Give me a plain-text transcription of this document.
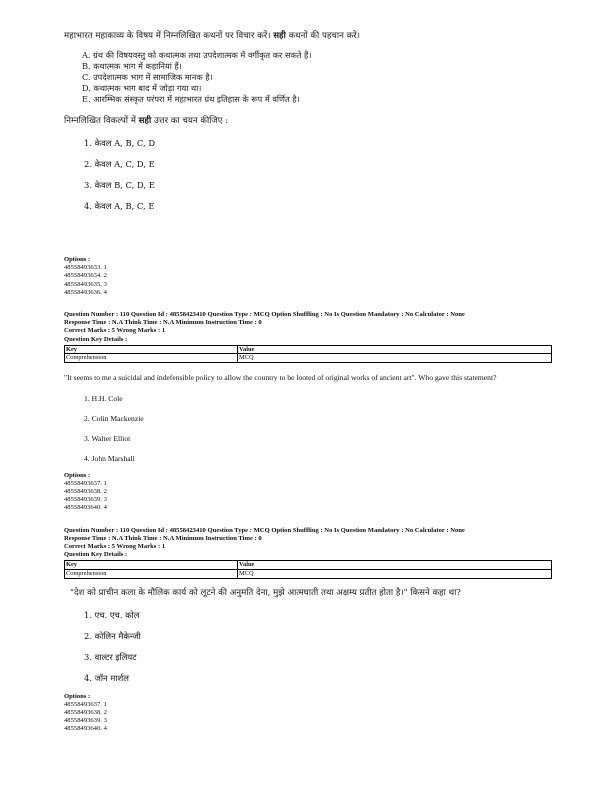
महाभारत महाकाव्य के विषय में निम्नलिखित कथनों पर विचार करें। सही कथनों की पहचान करें।

A. ग्रंथ की विषयवस्तु को कथात्मक तथा उपदेशात्मक में वर्गीकृत कर सकते हैं।
B. कथात्मक भाग में कहानियां हैं।
C. उपदेशात्मक भाग में सामाजिक मानक है।
D. कथात्मक भाग बाद में जोड़ा गया था।
E. आरम्भिक संस्कृत परंपरा में महाभारत ग्रंथ इतिहास के रूप में वर्णित है।

निम्नलिखित विकल्पों में सही उत्तर का चयन कीजिए :

1. केवल A, B, C, D
2. केवल A, C, D, E
3. केवल B, C, D, E
4. केवल A, B, C, E
Options :
48558493633. 1
48558493634. 2
48558493635. 3
48558493636. 4
Question Number : 110 Question Id : 48558423410 Question Type : MCQ Option Shuffling : No Is Question Mandatory : No Calculator : None
Response Time : N.A Think Time : N.A Minimum Instruction Time : 0
Correct Marks : 5 Wrong Marks : 1
Question Key Details :
Key	Value
Comprehension	MCQ

"It seems to me a suicidal and indefensible policy to allow the country to be looted of original works of ancient art". Who gave this statement?

1. H.H. Cole
2. Colin Mackenzie
3. Walter Elliot
4. John Marshall
Options :
48558493637. 1
48558493638. 2
48558493639. 3
48558493640. 4
Question Number : 110 Question Id : 48558423410 Question Type : MCQ Option Shuffling : No Is Question Mandatory : No Calculator : None
Response Time : N.A Think Time : N.A Minimum Instruction Time : 0
Correct Marks : 5 Wrong Marks : 1
Question Key Details :
Key	Value
Comprehension	MCQ

"देश को प्राचीन कला के मौलिक कार्य को लूटने की अनुमति देना, मुझे आत्मघाती तथा अक्षम्य प्रतीत होता है।" किसने कहा था?

1. एच. एच. कोल
2. कोलिन मैकेन्जी
3. वाल्टर इलियट
4. जॉन मार्शल
Options :
48558493637. 1
48558493638. 2
48558493639. 3
48558493640. 4
